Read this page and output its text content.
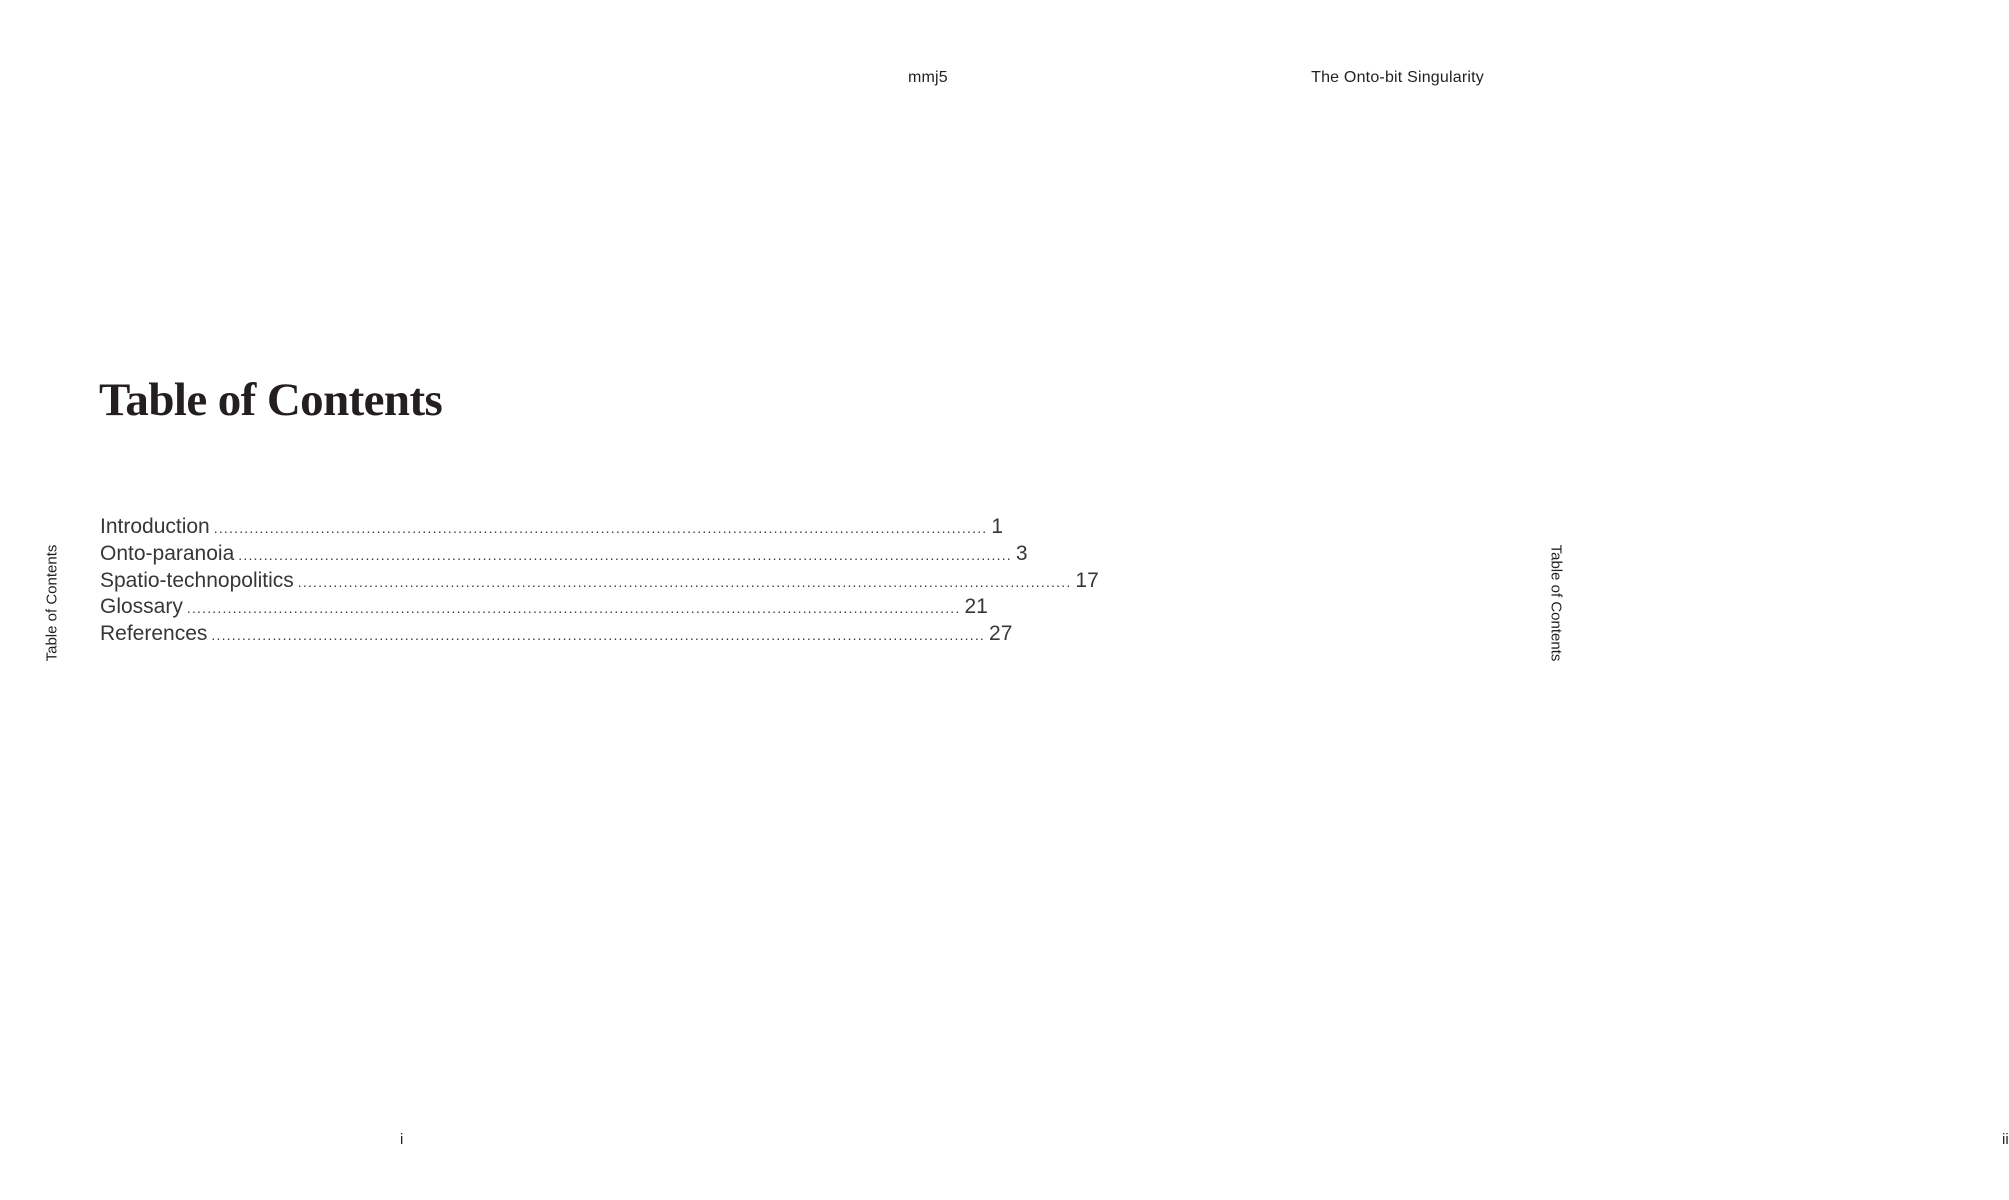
Table of Contents
Table of Contents
Introduction ........................................................................................................................................................ 1
Onto-paranoia ........................................................................................................................................................ 3
Spatio-technopolitics ........................................................................................................................................................ 17
Glossary ........................................................................................................................................................ 21
References ........................................................................................................................................................ 27
i
mmj5	The Onto-bit Singularity
Table of Contents
ii
